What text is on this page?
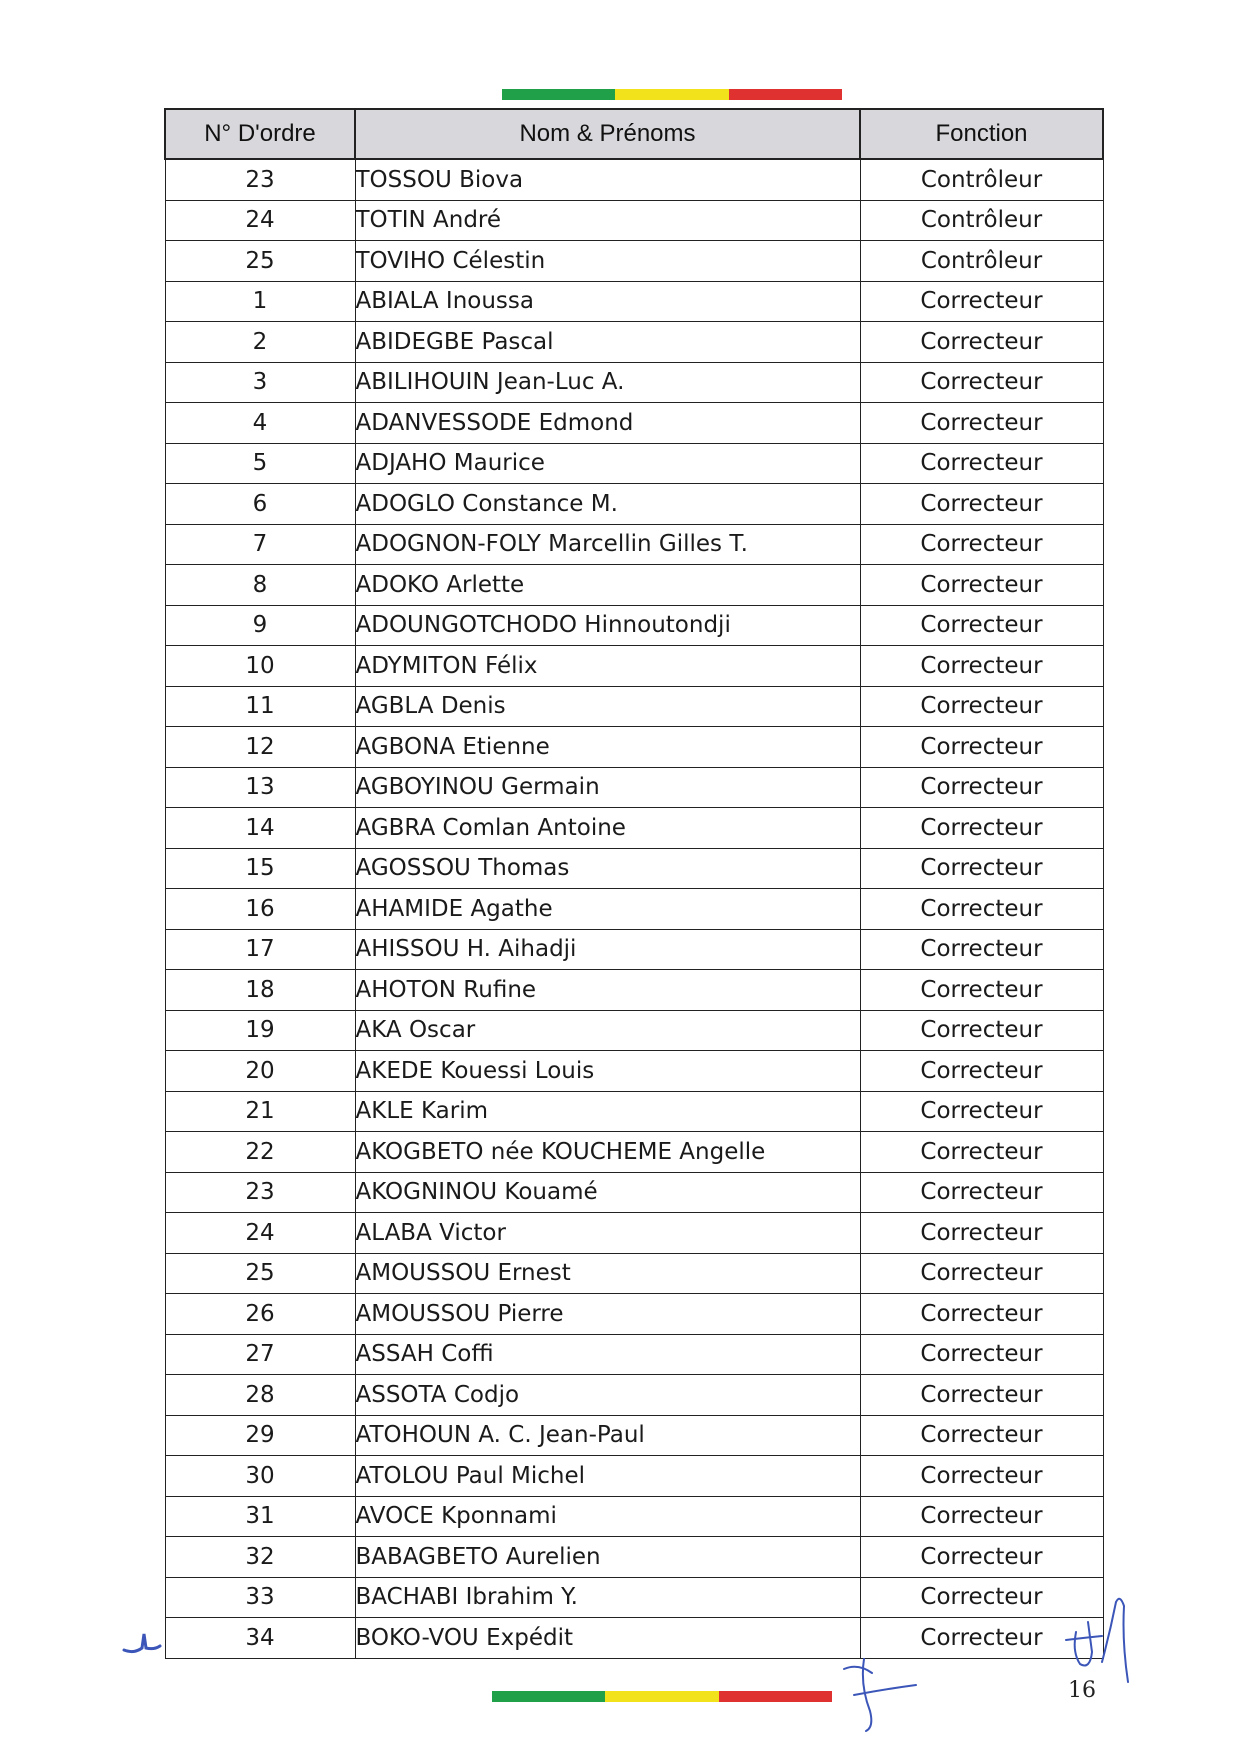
N° D'ordre	Nom & Prénoms	Fonction
23	TOSSOU Biova	Contrôleur
24	TOTIN André	Contrôleur
25	TOVIHO Célestin	Contrôleur
1	ABIALA Inoussa	Correcteur
2	ABIDEGBE Pascal	Correcteur
3	ABILIHOUIN Jean-Luc A.	Correcteur
4	ADANVESSODE Edmond	Correcteur
5	ADJAHO Maurice	Correcteur
6	ADOGLO Constance M.	Correcteur
7	ADOGNON-FOLY Marcellin Gilles T.	Correcteur
8	ADOKO Arlette	Correcteur
9	ADOUNGOTCHODO Hinnoutondji	Correcteur
10	ADYMITON Félix	Correcteur
11	AGBLA Denis	Correcteur
12	AGBONA Etienne	Correcteur
13	AGBOYINOU Germain	Correcteur
14	AGBRA Comlan Antoine	Correcteur
15	AGOSSOU Thomas	Correcteur
16	AHAMIDE Agathe	Correcteur
17	AHISSOU H. Aihadji	Correcteur
18	AHOTON Rufine	Correcteur
19	AKA Oscar	Correcteur
20	AKEDE Kouessi Louis	Correcteur
21	AKLE Karim	Correcteur
22	AKOGBETO née KOUCHEME Angelle	Correcteur
23	AKOGNINOU Kouamé	Correcteur
24	ALABA Victor	Correcteur
25	AMOUSSOU Ernest	Correcteur
26	AMOUSSOU Pierre	Correcteur
27	ASSAH Coffi	Correcteur
28	ASSOTA Codjo	Correcteur
29	ATOHOUN A. C. Jean-Paul	Correcteur
30	ATOLOU Paul Michel	Correcteur
31	AVOCE Kponnami	Correcteur
32	BABAGBETO Aurelien	Correcteur
33	BACHABI Ibrahim Y.	Correcteur
34	BOKO-VOU Expédit	Correcteur
16
